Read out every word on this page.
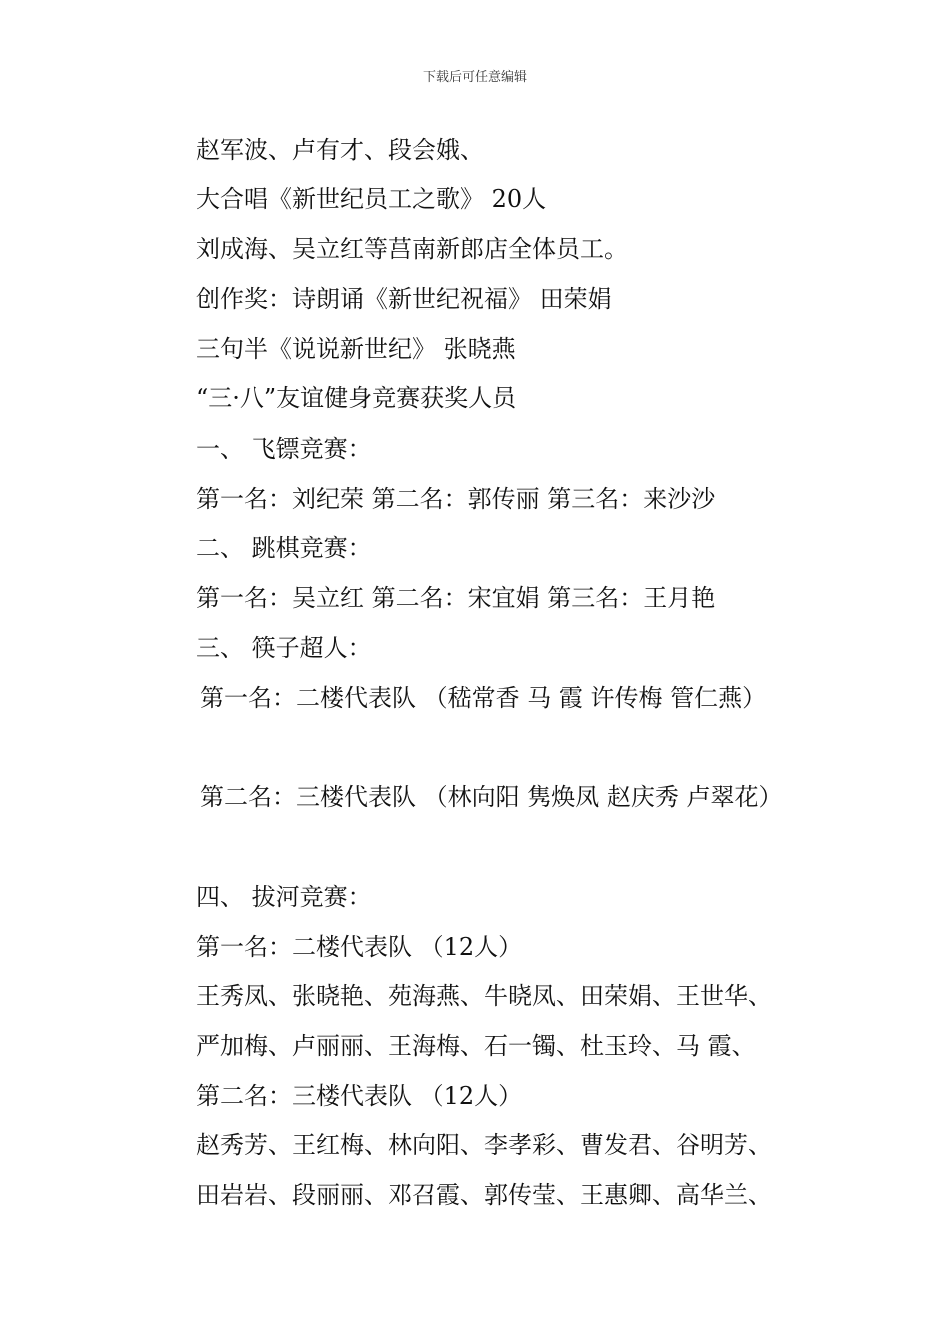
下载后可任意编辑
赵军波、卢有才、段会娥、
大合唱《新世纪员工之歌》 20人
刘成海、吴立红等莒南新郎店全体员工。
创作奖：诗朗诵《新世纪祝福》 田荣娟
三句半《说说新世纪》 张晓燕
“三·八”友谊健身竞赛获奖人员
一、 飞镖竞赛：
第一名：刘纪荣 第二名：郭传丽 第三名：来沙沙
二、 跳棋竞赛：
第一名：吴立红 第二名：宋宜娟 第三名：王月艳
三、 筷子超人：
第一名：二楼代表队 （嵇常香 马 霞 许传梅 管仁燕）
第二名：三楼代表队 （林向阳 隽焕凤 赵庆秀 卢翠花）
四、 拔河竞赛：
第一名：二楼代表队 （12人）
王秀凤、张晓艳、苑海燕、牛晓凤、田荣娟、王世华、
严加梅、卢丽丽、王海梅、石一镯、杜玉玲、马 霞、
第二名：三楼代表队 （12人）
赵秀芳、王红梅、林向阳、李孝彩、曹发君、谷明芳、
田岩岩、段丽丽、邓召霞、郭传莹、王惠卿、高华兰、
